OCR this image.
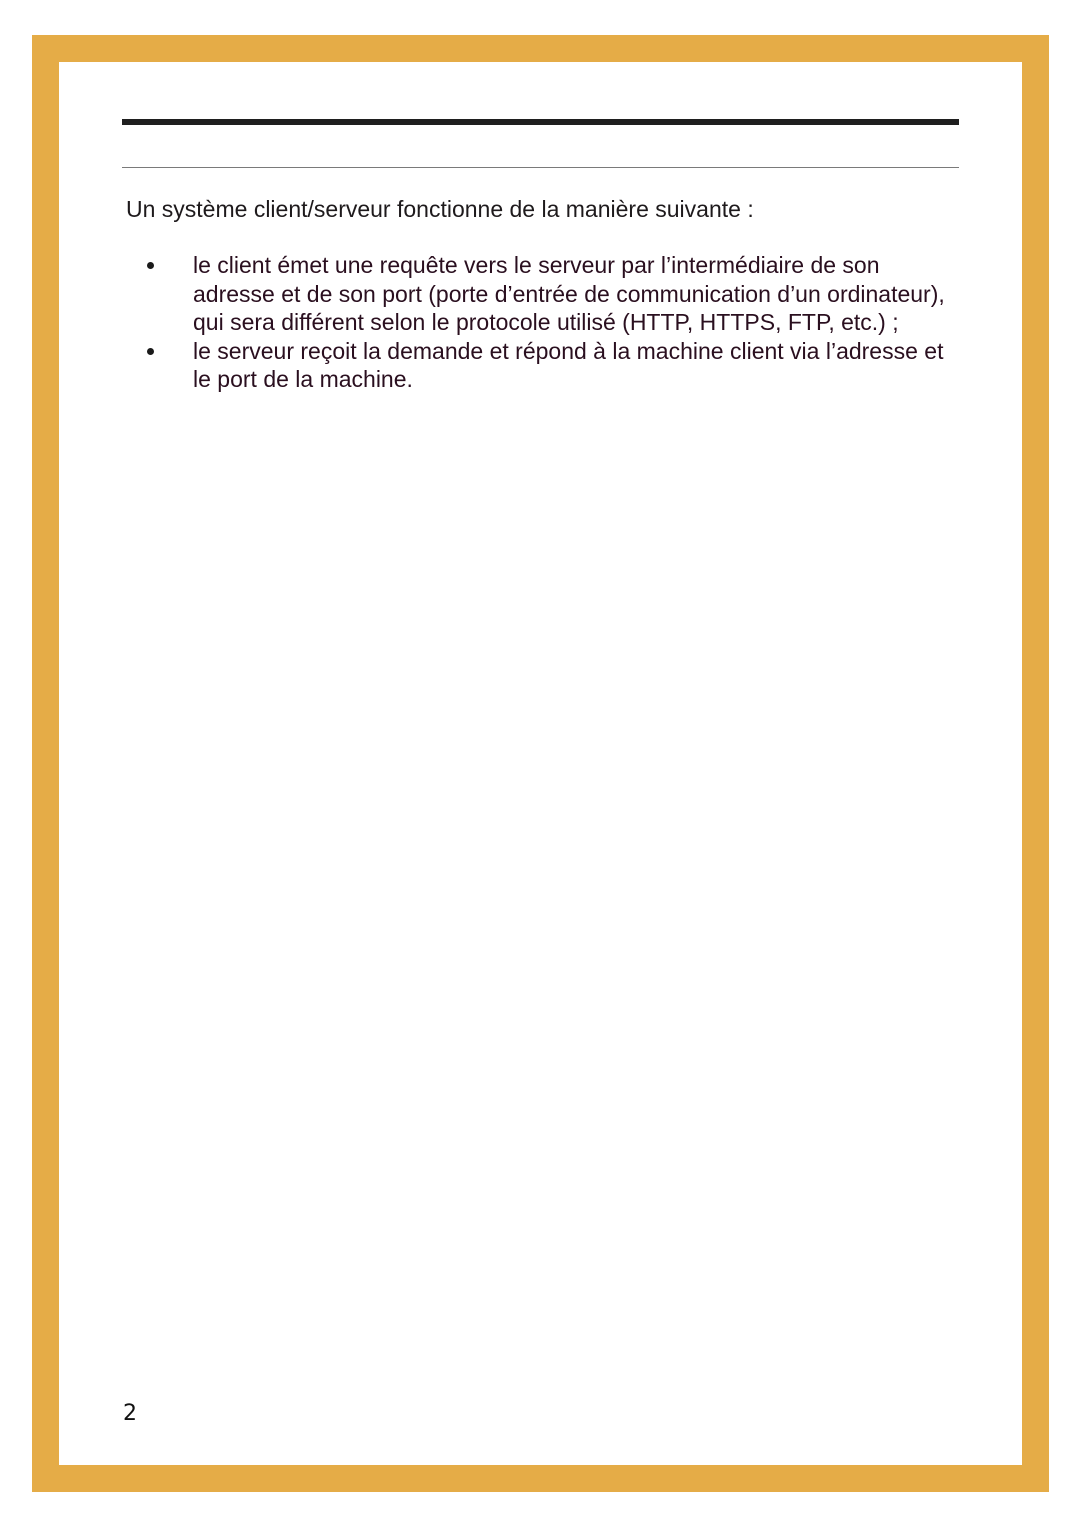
Un système client/serveur fonctionne de la manière suivante :

le client émet une requête vers le serveur par l’intermédiaire de son adresse et de son port (porte d’entrée de communication d’un ordinateur), qui sera différent selon le protocole utilisé (HTTP, HTTPS, FTP, etc.) ;
le serveur reçoit la demande et répond à la machine client via l’adresse et le port de la machine.
2
